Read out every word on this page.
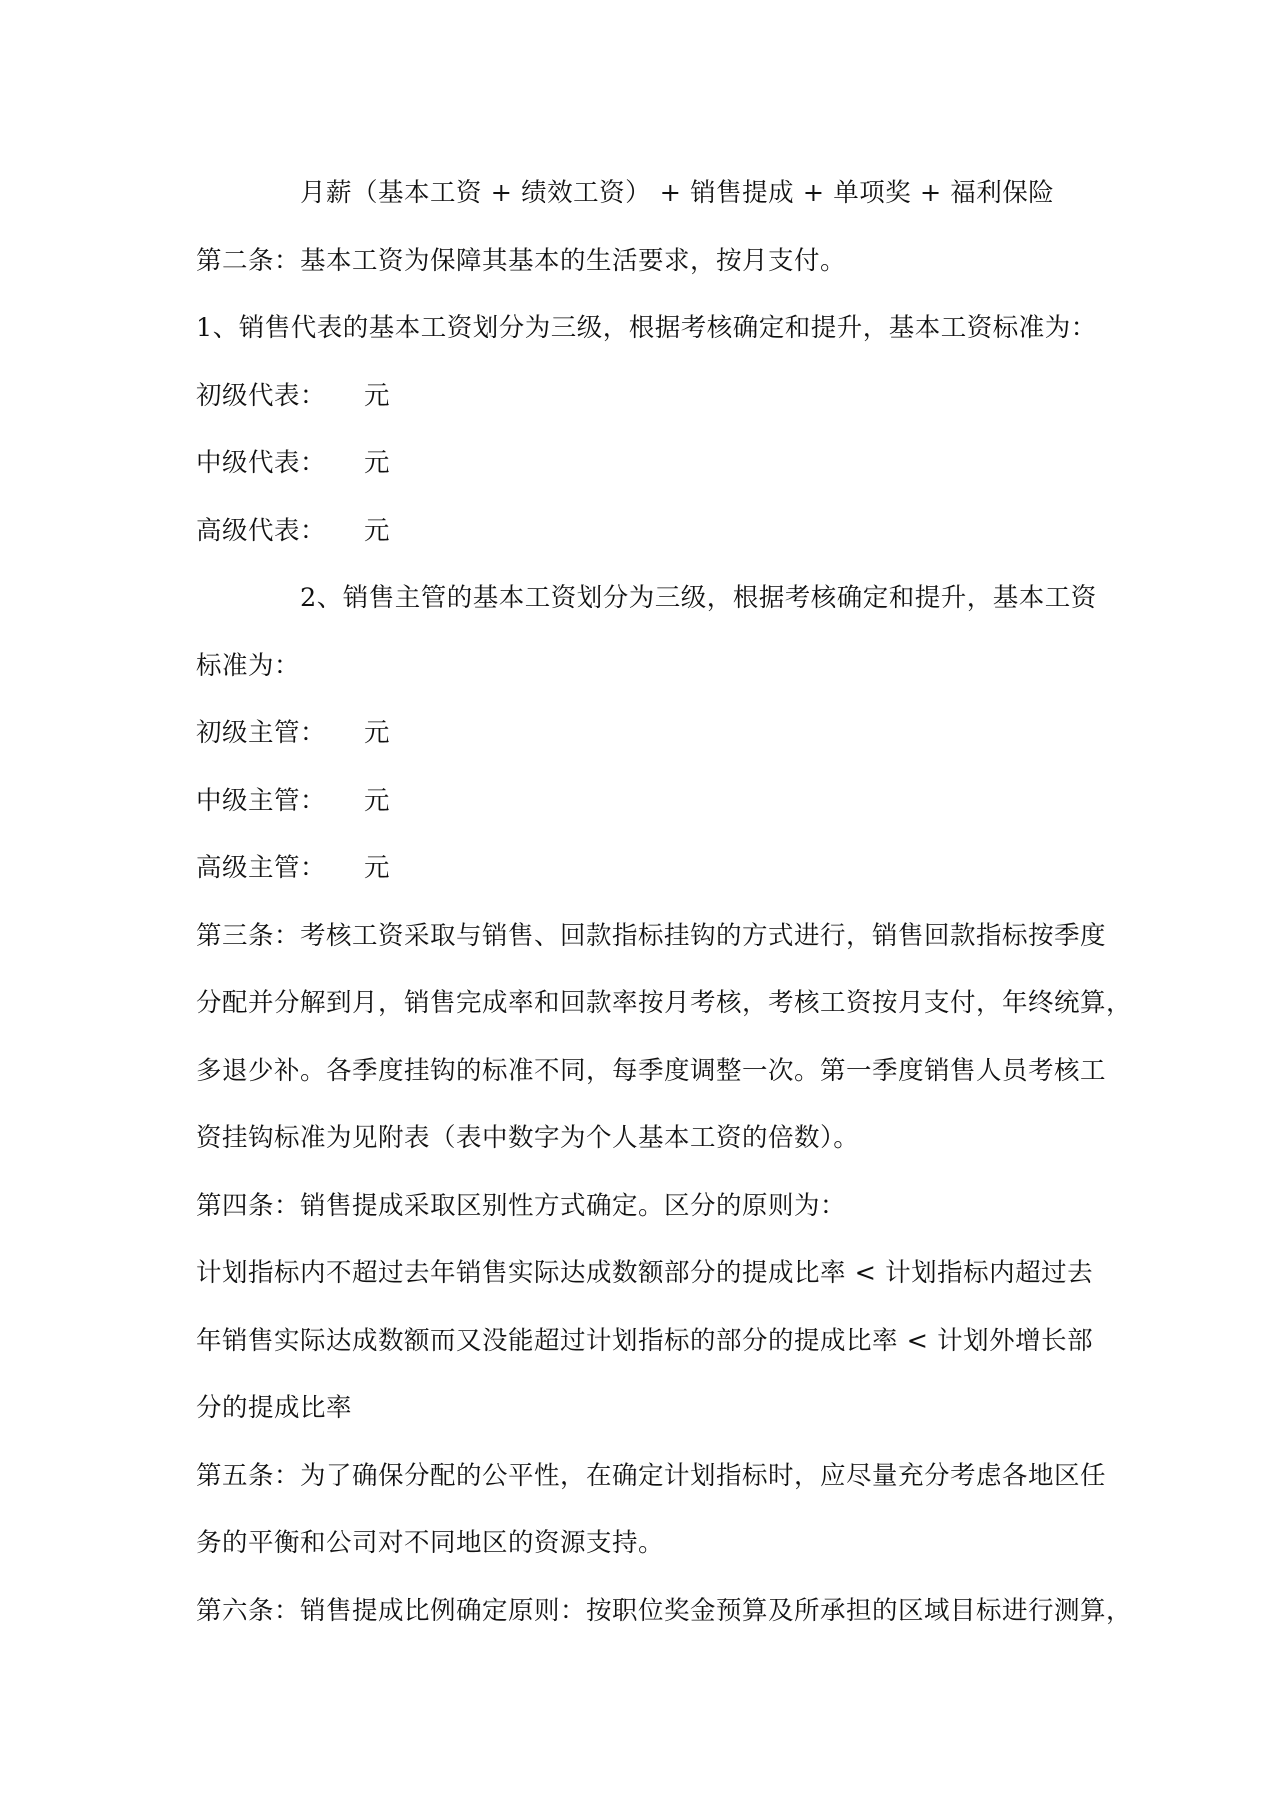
月薪（基本工资 + 绩效工资） + 销售提成 + 单项奖 + 福利保险
第二条：基本工资为保障其基本的生活要求，按月支付。
1、销售代表的基本工资划分为三级，根据考核确定和提升，基本工资标准为：
初级代表：	元
中级代表：	元
高级代表：	元
2、销售主管的基本工资划分为三级，根据考核确定和提升，基本工资
标准为：
初级主管：	元
中级主管：	元
高级主管：	元
第三条：考核工资采取与销售、回款指标挂钩的方式进行，销售回款指标按季度
分配并分解到月，销售完成率和回款率按月考核，考核工资按月支付，年终统算，
多退少补。各季度挂钩的标准不同，每季度调整一次。第一季度销售人员考核工
资挂钩标准为见附表（表中数字为个人基本工资的倍数）。
第四条：销售提成采取区别性方式确定。区分的原则为：
计划指标内不超过去年销售实际达成数额部分的提成比率 < 计划指标内超过去
年销售实际达成数额而又没能超过计划指标的部分的提成比率 < 计划外增长部
分的提成比率
第五条：为了确保分配的公平性，在确定计划指标时，应尽量充分考虑各地区任
务的平衡和公司对不同地区的资源支持。
第六条：销售提成比例确定原则：按职位奖金预算及所承担的区域目标进行测算，
